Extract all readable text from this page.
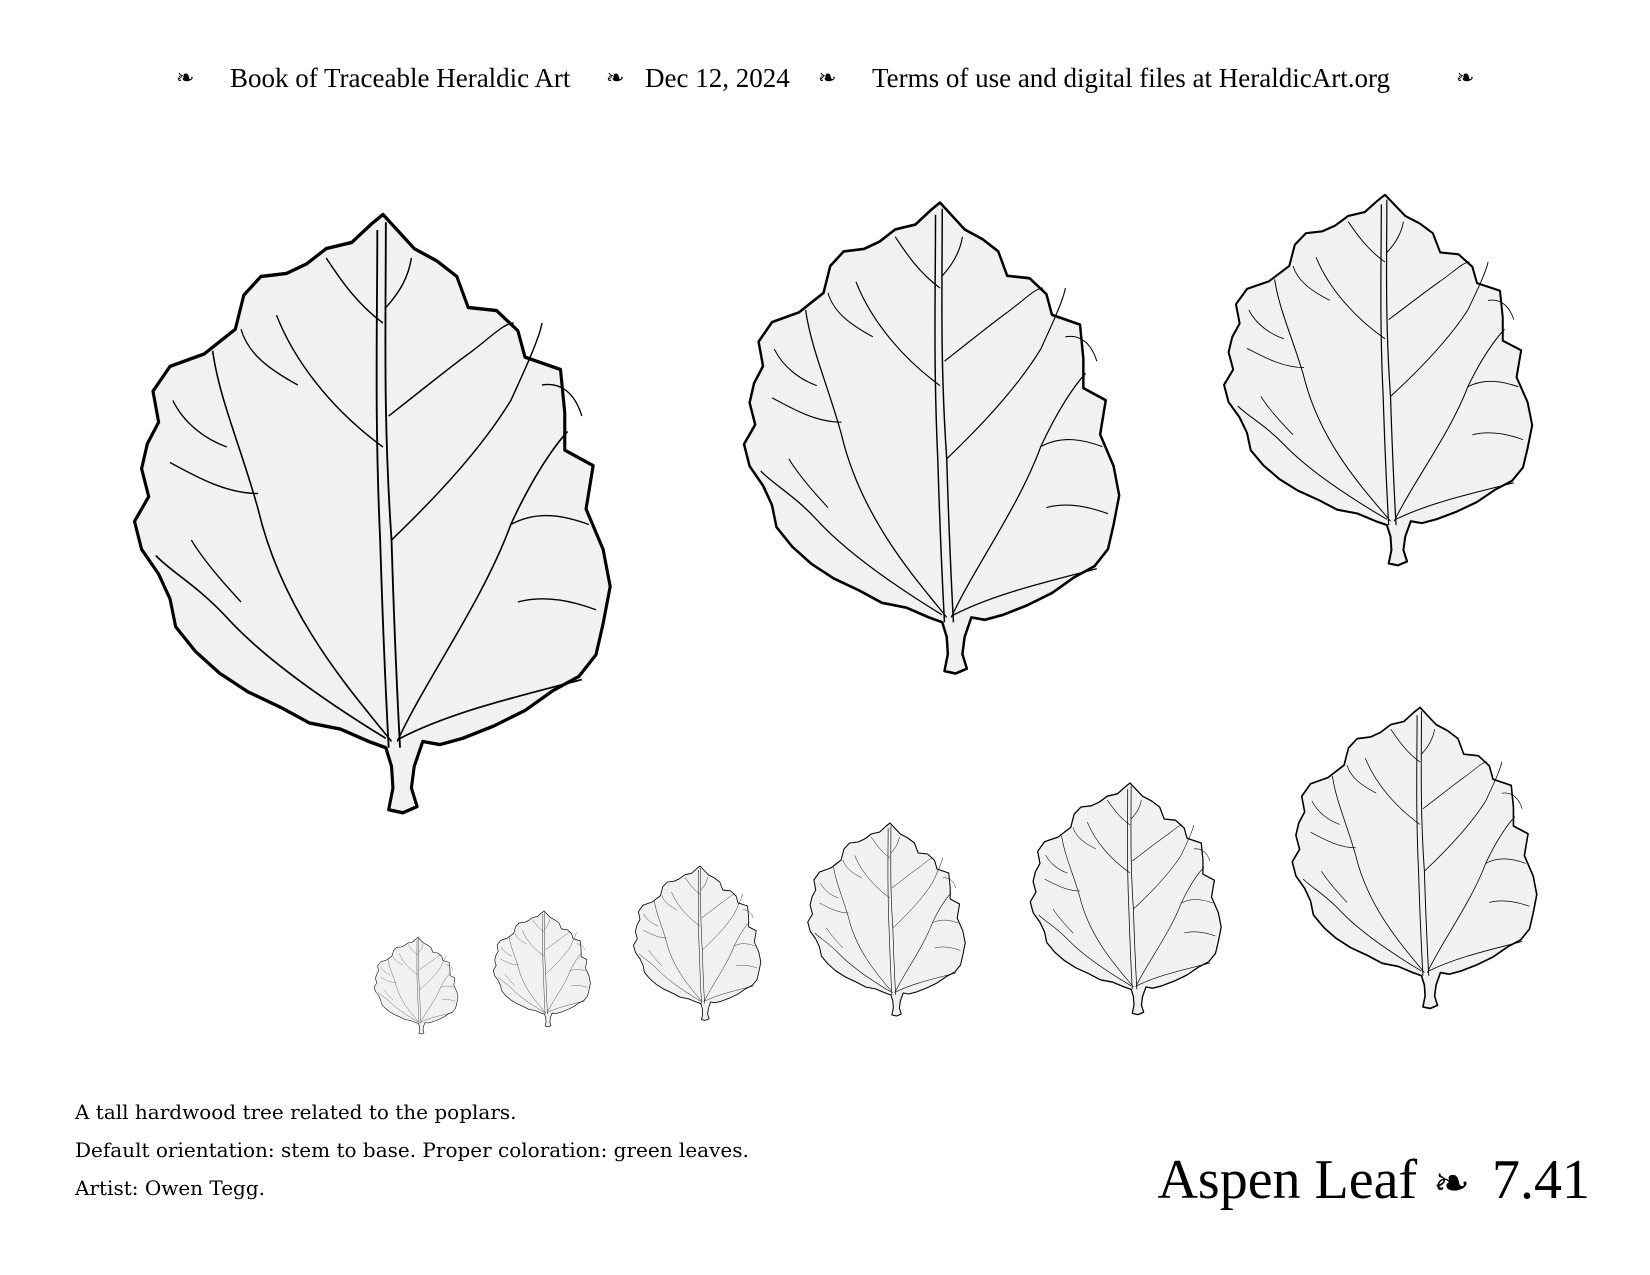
❧ Book of Traceable Heraldic Art ❧ Dec 12, 2024 ❧ Terms of use and digital files at HeraldicArt.org	❧
A tall hardwood tree related to the poplars.
Default orientation: stem to base. Proper coloration: green leaves.
Artist: Owen Tegg.	Aspen Leaf ❧ 7.41
